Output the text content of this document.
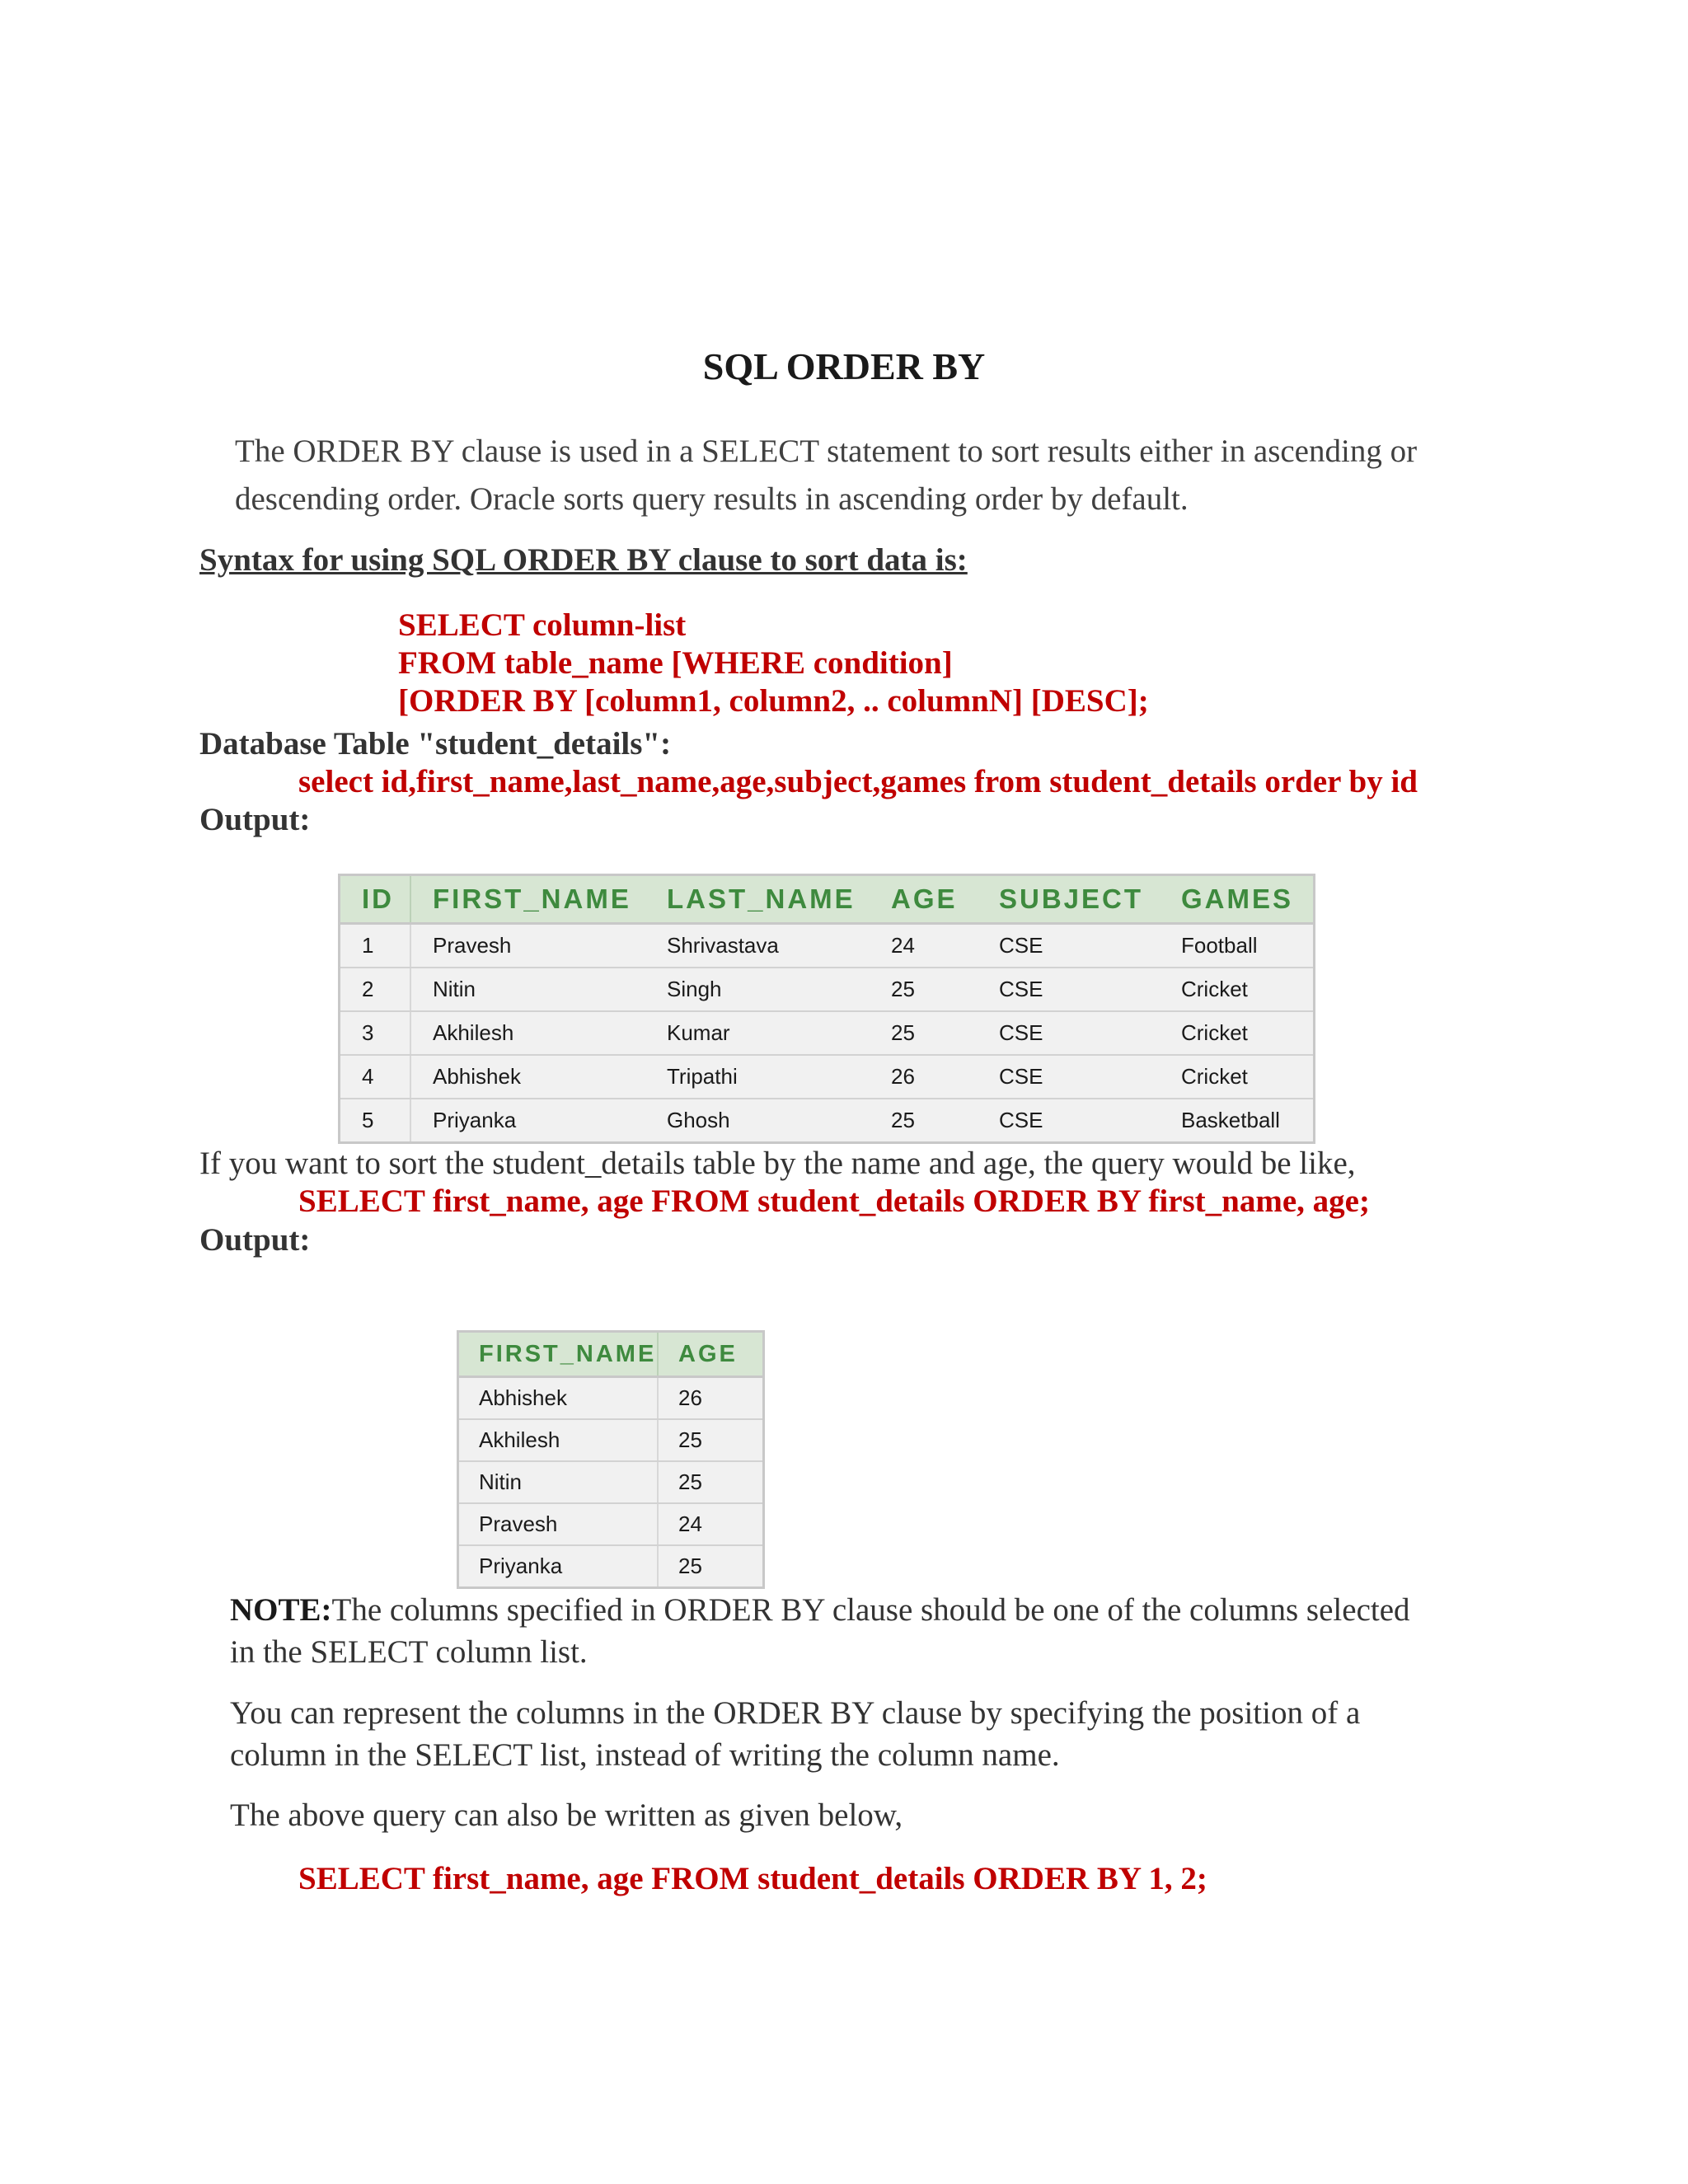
SQL ORDER BY
The ORDER BY clause is used in a SELECT statement to sort results either in ascending or
descending order. Oracle sorts query results in ascending order by default.
Syntax for using SQL ORDER BY clause to sort data is:
SELECT column-list
FROM table_name [WHERE condition]
[ORDER BY [column1, column2, .. columnN] [DESC];
Database Table "student_details":
select id,first_name,last_name,age,subject,games from student_details order by id
Output:
ID	FIRST_NAME	LAST_NAME	AGE	SUBJECT	GAMES
1	Pravesh	Shrivastava	24	CSE	Football
2	Nitin	Singh	25	CSE	Cricket
3	Akhilesh	Kumar	25	CSE	Cricket
4	Abhishek	Tripathi	26	CSE	Cricket
5	Priyanka	Ghosh	25	CSE	Basketball
If you want to sort the student_details table by the name and age, the query would be like,
SELECT first_name, age FROM student_details ORDER BY first_name, age;
Output:
FIRST_NAME	AGE
Abhishek	26
Akhilesh	25
Nitin	25
Pravesh	24
Priyanka	25
NOTE:The columns specified in ORDER BY clause should be one of the columns selected
in the SELECT column list.
You can represent the columns in the ORDER BY clause by specifying the position of a
column in the SELECT list, instead of writing the column name.
The above query can also be written as given below,
SELECT first_name, age FROM student_details ORDER BY 1, 2;
